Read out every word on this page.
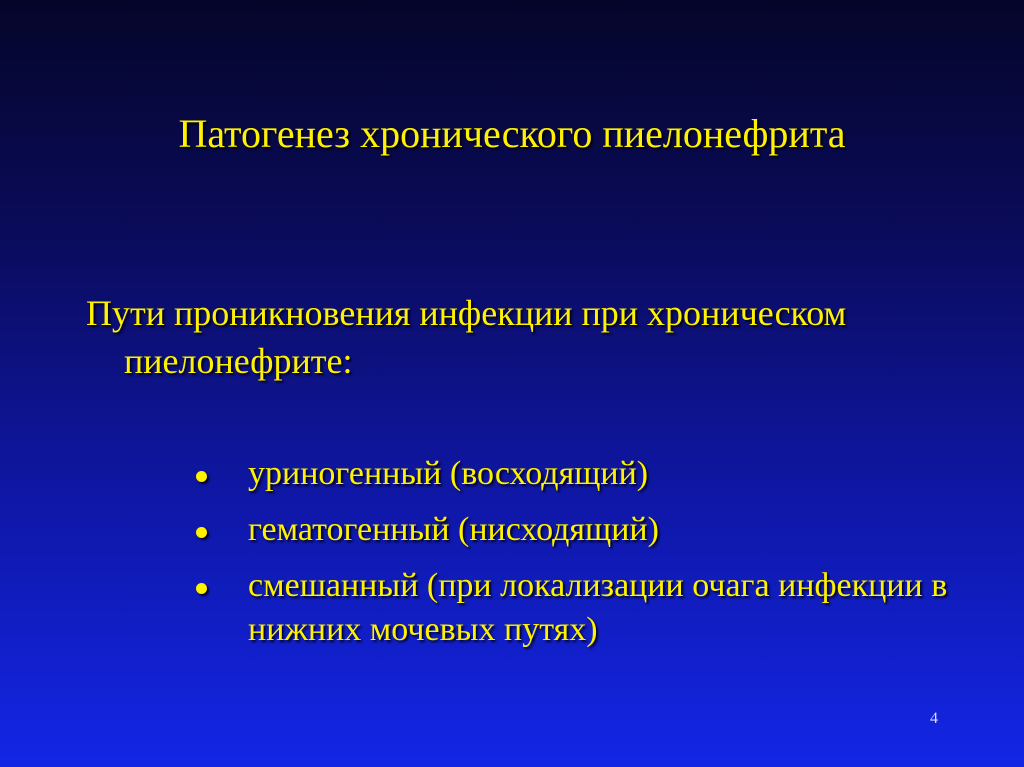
Патогенез хронического пиелонефрита
Пути проникновения инфекции при хроническом
пиелонефрите:
уриногенный (восходящий)
гематогенный (нисходящий)
смешанный (при локализации очага инфекции в нижних мочевых путях)
4
